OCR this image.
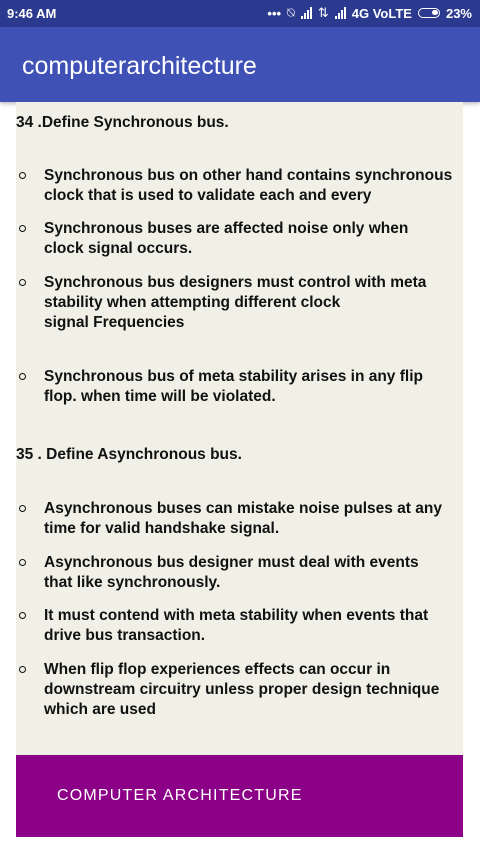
9:46 AM	••• ⍉ ⇅ 4G VoLTE	23%
computerarchitecture
34 .Define Synchronous bus.
Synchronous bus on other hand contains synchronous
clock that is used to validate each and every
Synchronous buses are affected noise only when
clock signal occurs.
Synchronous bus designers must control with meta
stability when attempting different clock
signal Frequencies
Synchronous bus of meta stability arises in any flip
flop. when time will be violated.
35 . Define Asynchronous bus.
Asynchronous buses can mistake noise pulses at any
time for valid handshake signal.
Asynchronous bus designer must deal with events
that like synchronously.
It must contend with meta stability when events that
drive bus transaction.
When flip flop experiences effects can occur in
downstream circuitry unless proper design technique
which are used
COMPUTER ARCHITECTURE
